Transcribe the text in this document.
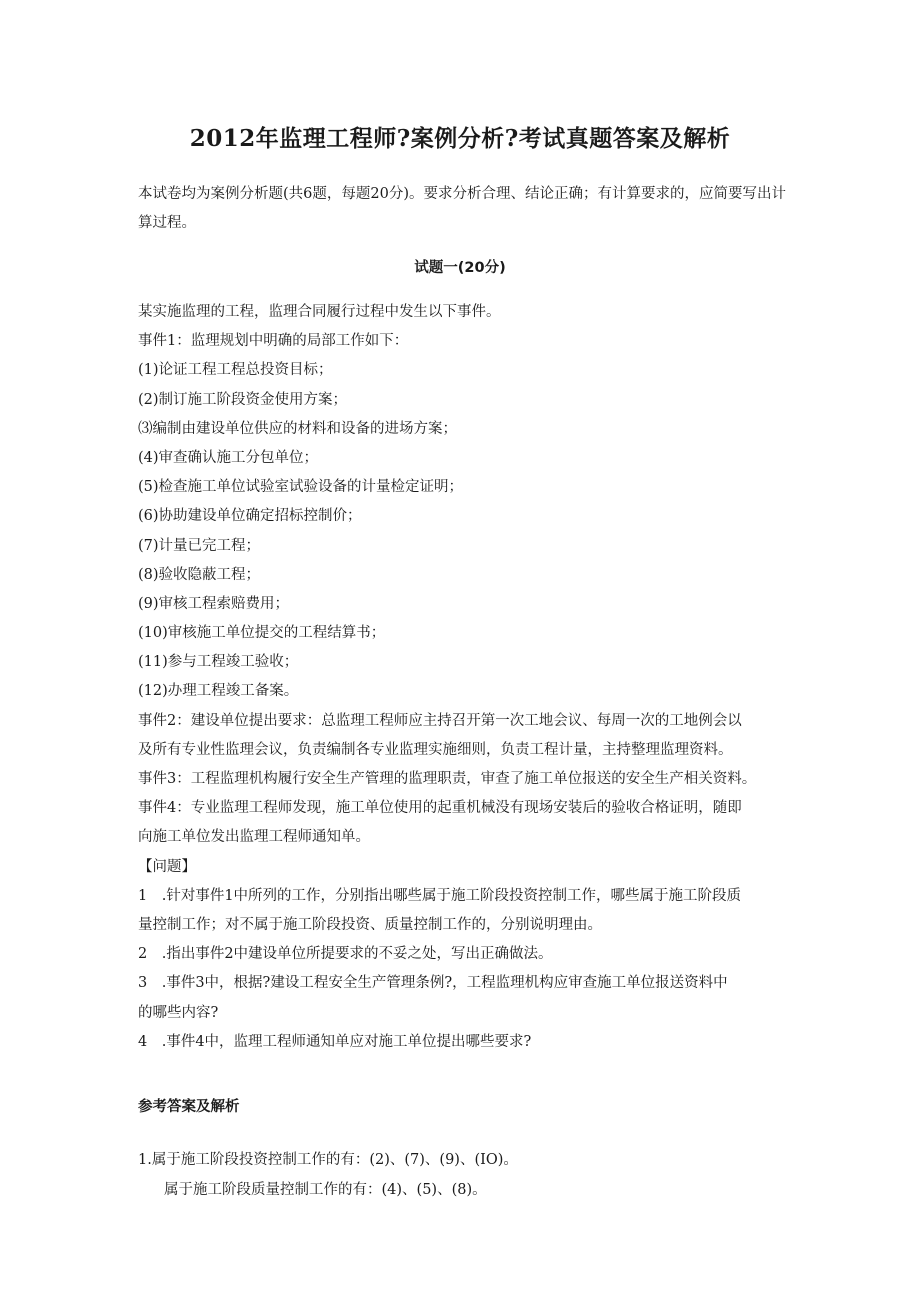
2012年监理工程师?案例分析?考试真题答案及解析
本试卷均为案例分析题(共6题，每题20分)。要求分析合理、结论正确；有计算要求的，应简要写出计算过程。
试题一(20分)
某实施监理的工程，监理合同履行过程中发生以下事件。
事件1：监理规划中明确的局部工作如下：
(1)论证工程工程总投资目标；
(2)制订施工阶段资金使用方案；
⑶编制由建设单位供应的材料和设备的进场方案；
(4)审查确认施工分包单位；
(5)检查施工单位试验室试验设备的计量检定证明；
(6)协助建设单位确定招标控制价；
(7)计量已完工程；
(8)验收隐蔽工程；
(9)审核工程索赔费用；
(10)审核施工单位提交的工程结算书；
(11)参与工程竣工验收；
(12)办理工程竣工备案。
事件2：建设单位提出要求：总监理工程师应主持召开第一次工地会议、每周一次的工地例会以
及所有专业性监理会议，负责编制各专业监理实施细则，负责工程计量，主持整理监理资料。
事件3：工程监理机构履行安全生产管理的监理职责，审查了施工单位报送的安全生产相关资料。
事件4：专业监理工程师发现，施工单位使用的起重机械没有现场安装后的验收合格证明，随即
向施工单位发出监理工程师通知单。
【问题】
1　.针对事件1中所列的工作，分别指出哪些属于施工阶段投资控制工作，哪些属于施工阶段质
量控制工作；对不属于施工阶段投资、质量控制工作的，分别说明理由。
2　.指出事件2中建设单位所提要求的不妥之处，写出正确做法。
3　.事件3中，根据?建设工程安全生产管理条例?，工程监理机构应审查施工单位报送资料中
的哪些内容?
4　.事件4中，监理工程师通知单应对施工单位提出哪些要求?
参考答案及解析
1.属于施工阶段投资控制工作的有：(2)、(7)、(9)、(IO)。
属于施工阶段质量控制工作的有：(4)、(5)、(8)。
